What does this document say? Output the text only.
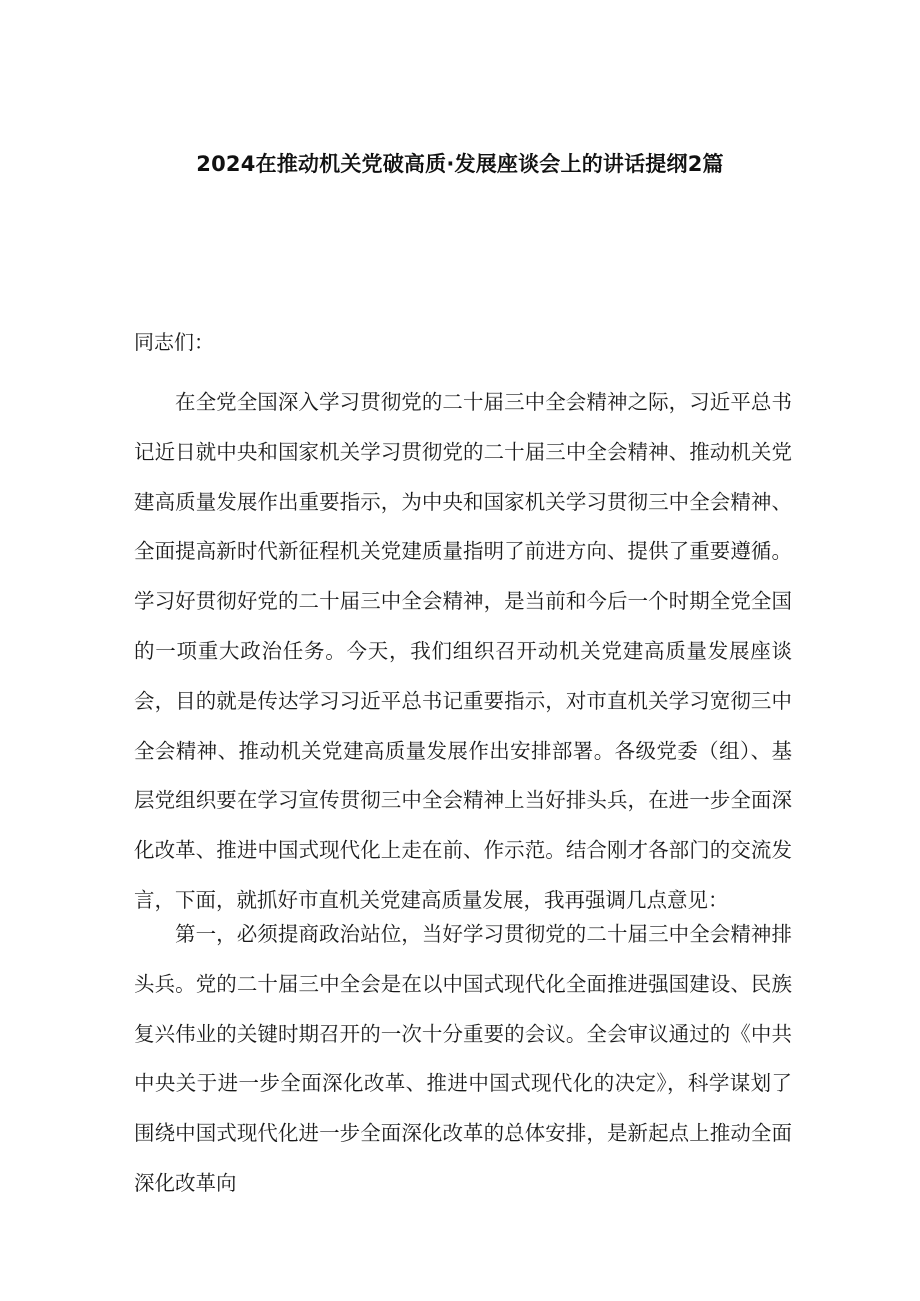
2024在推动机关党破高质·发展座谈会上的讲话提纲2篇
同志们：

在全党全国深入学习贯彻党的二十届三中全会精神之际，习近平总书记近日就中央和国家机关学习贯彻党的二十届三中全会精神、推动机关党建高质量发展作出重要指示，为中央和国家机关学习贯彻三中全会精神、全面提高新时代新征程机关党建质量指明了前进方向、提供了重要遵循。学习好贯彻好党的二十届三中全会精神，是当前和今后一个时期全党全国的一项重大政治任务。今天，我们组织召开动机关党建高质量发展座谈会，目的就是传达学习习近平总书记重要指示，对市直机关学习宽彻三中全会精神、推动机关党建高质量发展作出安排部署。各级党委（组）、基层党组织要在学习宣传贯彻三中全会精神上当好排头兵，在进一步全面深化改革、推进中国式现代化上走在前、作示范。结合刚才各部门的交流发言，下面，就抓好市直机关党建高质量发展，我再强调几点意见：

第一，必须提商政治站位，当好学习贯彻党的二十届三中全会精神排头兵。党的二十届三中全会是在以中国式现代化全面推进强国建设、民族复兴伟业的关键时期召开的一次十分重要的会议。全会审议通过的《中共中央关于进一步全面深化改革、推进中国式现代化的决定》，科学谋划了围绕中国式现代化进一步全面深化改革的总体安排，是新起点上推动全面深化改革向
